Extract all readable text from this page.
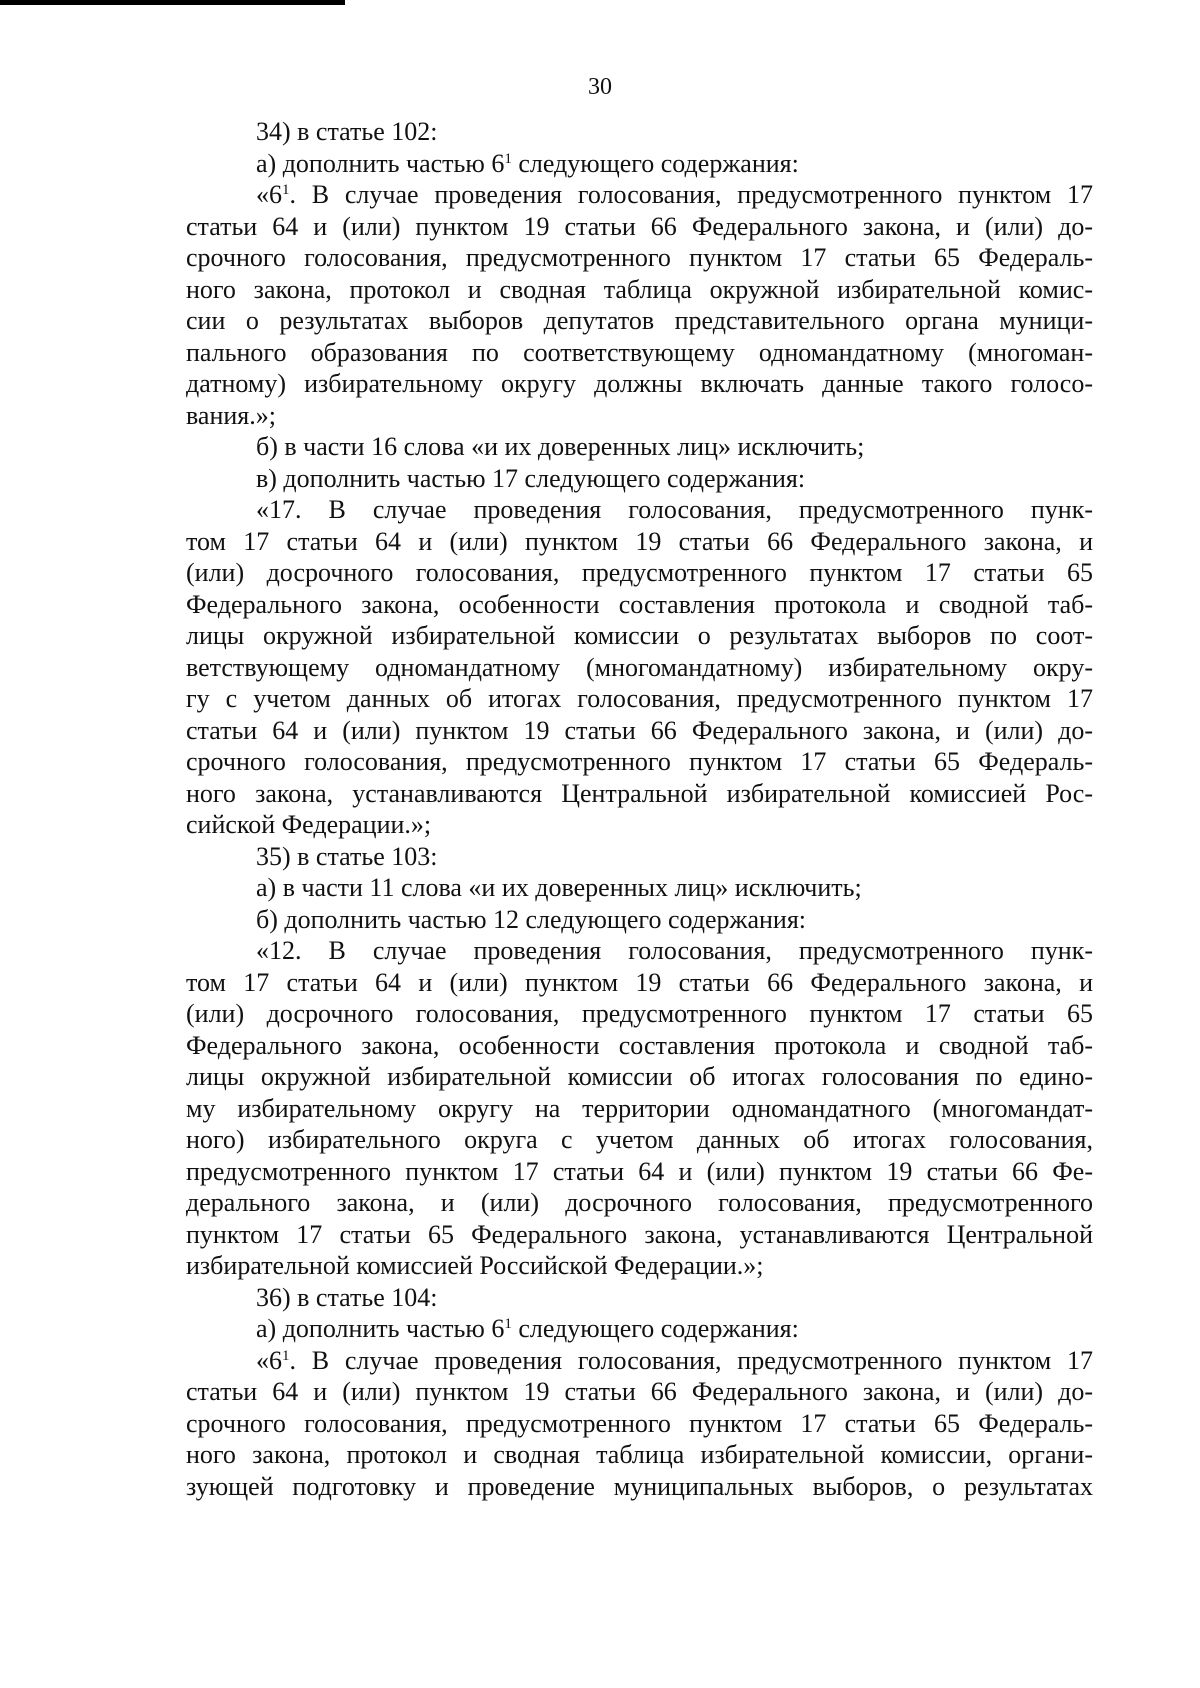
30
34) в статье 102:
а) дополнить частью $6^1$ следующего содержания:
«$6^1$. В случае проведения голосования, предусмотренного пунктом 17
статьи 64 и (или) пунктом 19 статьи 66 Федерального закона, и (или) до-
срочного голосования, предусмотренного пунктом 17 статьи 65 Федераль-
ного закона, протокол и сводная таблица окружной избирательной комис-
сии о результатах выборов депутатов представительного органа муници-
пального образования по соответствующему одномандатному (многоман-
датному) избирательному округу должны включать данные такого голосо-
вания.»;
б) в части 16 слова «и их доверенных лиц» исключить;
в) дополнить частью 17 следующего содержания:
«17. В случае проведения голосования, предусмотренного пунк-
том 17 статьи 64 и (или) пунктом 19 статьи 66 Федерального закона, и
(или) досрочного голосования, предусмотренного пунктом 17 статьи 65
Федерального закона, особенности составления протокола и сводной таб-
лицы окружной избирательной комиссии о результатах выборов по соот-
ветствующему одномандатному (многомандатному) избирательному окру-
гу с учетом данных об итогах голосования, предусмотренного пунктом 17
статьи 64 и (или) пунктом 19 статьи 66 Федерального закона, и (или) до-
срочного голосования, предусмотренного пунктом 17 статьи 65 Федераль-
ного закона, устанавливаются Центральной избирательной комиссией Рос-
сийской Федерации.»;
35) в статье 103:
а) в части 11 слова «и их доверенных лиц» исключить;
б) дополнить частью 12 следующего содержания:
«12. В случае проведения голосования, предусмотренного пунк-
том 17 статьи 64 и (или) пунктом 19 статьи 66 Федерального закона, и
(или) досрочного голосования, предусмотренного пунктом 17 статьи 65
Федерального закона, особенности составления протокола и сводной таб-
лицы окружной избирательной комиссии об итогах голосования по едино-
му избирательному округу на территории одномандатного (многомандат-
ного) избирательного округа с учетом данных об итогах голосования,
предусмотренного пунктом 17 статьи 64 и (или) пунктом 19 статьи 66 Фе-
дерального закона, и (или) досрочного голосования, предусмотренного
пунктом 17 статьи 65 Федерального закона, устанавливаются Центральной
избирательной комиссией Российской Федерации.»;
36) в статье 104:
а) дополнить частью $6^1$ следующего содержания:
«$6^1$. В случае проведения голосования, предусмотренного пунктом 17
статьи 64 и (или) пунктом 19 статьи 66 Федерального закона, и (или) до-
срочного голосования, предусмотренного пунктом 17 статьи 65 Федераль-
ного закона, протокол и сводная таблица избирательной комиссии, органи-
зующей подготовку и проведение муниципальных выборов, о результатах
